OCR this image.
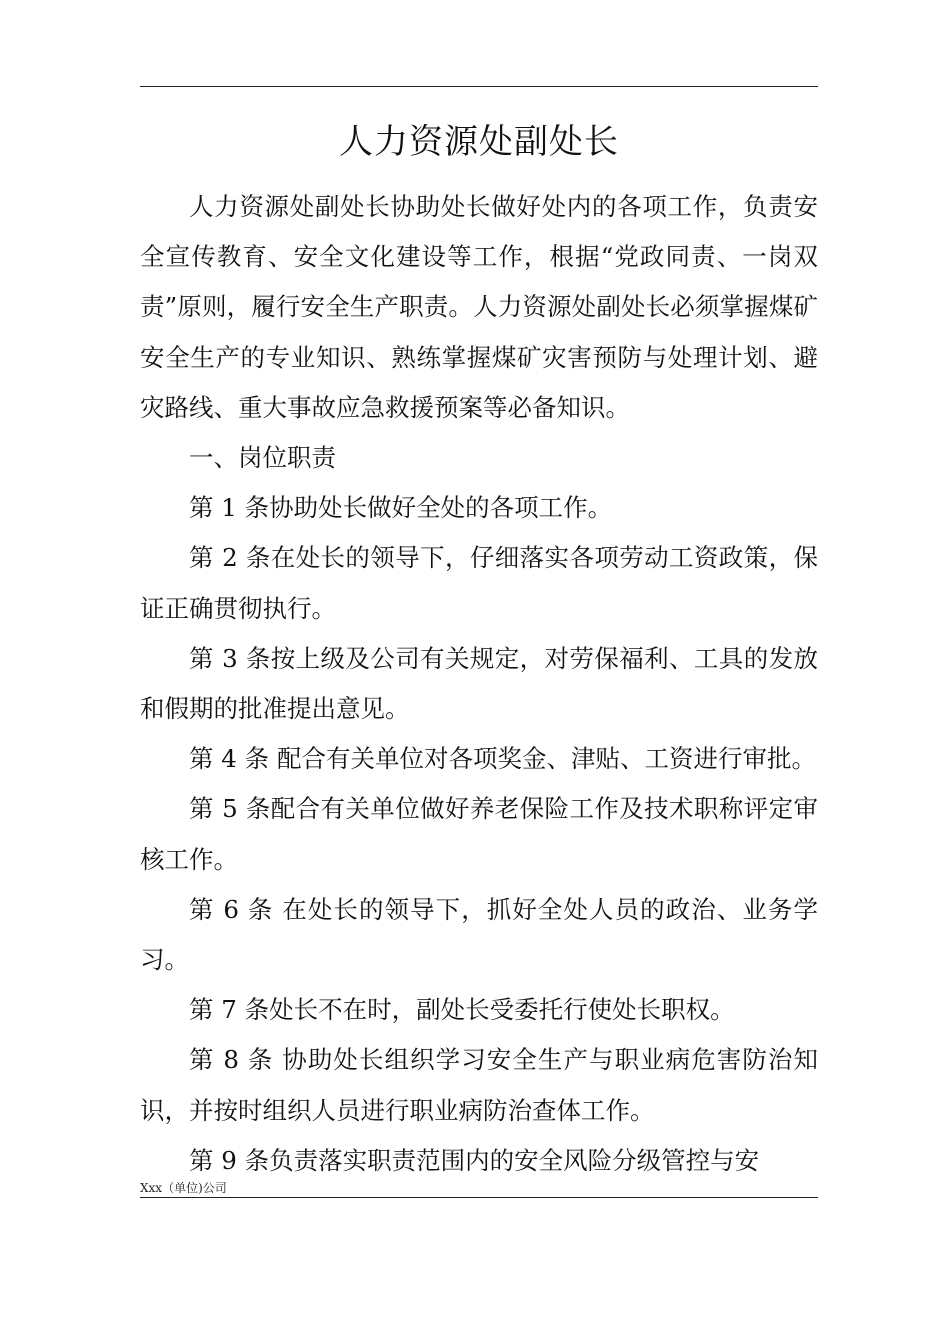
人力资源处副处长

人力资源处副处长协助处长做好处内的各项工作，负责安全宣传教育、安全文化建设等工作，根据“党政同责、一岗双责”原则，履行安全生产职责。人力资源处副处长必须掌握煤矿安全生产的专业知识、熟练掌握煤矿灾害预防与处理计划、避灾路线、重大事故应急救援预案等必备知识。

一、岗位职责

第 1 条协助处长做好全处的各项工作。

第 2 条在处长的领导下，仔细落实各项劳动工资政策，保证正确贯彻执行。

第 3 条按上级及公司有关规定，对劳保福利、工具的发放和假期的批准提出意见。

第 4 条 配合有关单位对各项奖金、津贴、工资进行审批。

第 5 条配合有关单位做好养老保险工作及技术职称评定审核工作。

第 6 条 在处长的领导下，抓好全处人员的政治、业务学习。

第 7 条处长不在时，副处长受委托行使处长职权。

第 8 条 协助处长组织学习安全生产与职业病危害防治知识，并按时组织人员进行职业病防治查体工作。

第 9 条负责落实职责范围内的安全风险分级管控与安

Xxx（单位)公司
